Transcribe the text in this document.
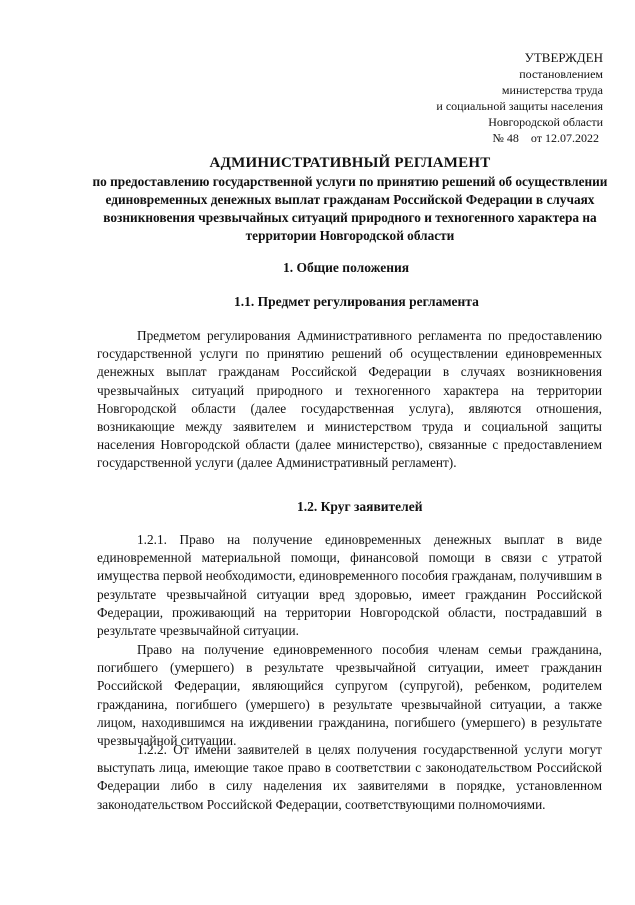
УТВЕРЖДЕН
постановлением
министерства труда
и социальной защиты населения
Новгородской области
№ 48 от 12.07.2022
АДМИНИСТРАТИВНЫЙ РЕГЛАМЕНТ
по предоставлению государственной услуги по принятию решений об осуществлении единовременных денежных выплат гражданам Российской Федерации в случаях возникновения чрезвычайных ситуаций природного и техногенного характера на территории Новгородской области
1. Общие положения
1.1. Предмет регулирования регламента

Предметом регулирования Административного регламента по предоставлению государственной услуги по принятию решений об осуществлении единовременных денежных выплат гражданам Российской Федерации в случаях возникновения чрезвычайных ситуаций природного и техногенного характера на территории Новгородской области (далее государственная услуга), являются отношения, возникающие между заявителем и министерством труда и социальной защиты населения Новгородской области (далее министерство), связанные с предоставлением государственной услуги (далее Административный регламент).

1.2. Круг заявителей

1.2.1. Право на получение единовременных денежных выплат в виде единовременной материальной помощи, финансовой помощи в связи с утратой имущества первой необходимости, единовременного пособия гражданам, получившим в результате чрезвычайной ситуации вред здоровью, имеет гражданин Российской Федерации, проживающий на территории Новгородской области, пострадавший в результате чрезвычайной ситуации.

Право на получение единовременного пособия членам семьи гражданина, погибшего (умершего) в результате чрезвычайной ситуации, имеет гражданин Российской Федерации, являющийся супругом (супругой), ребенком, родителем гражданина, погибшего (умершего) в результате чрезвычайной ситуации, а также лицом, находившимся на иждивении гражданина, погибшего (умершего) в результате чрезвычайной ситуации.

1.2.2. От имени заявителей в целях получения государственной услуги могут выступать лица, имеющие такое право в соответствии с законодательством Российской Федерации либо в силу наделения их заявителями в порядке, установленном законодательством Российской Федерации, соответствующими полномочиями.
